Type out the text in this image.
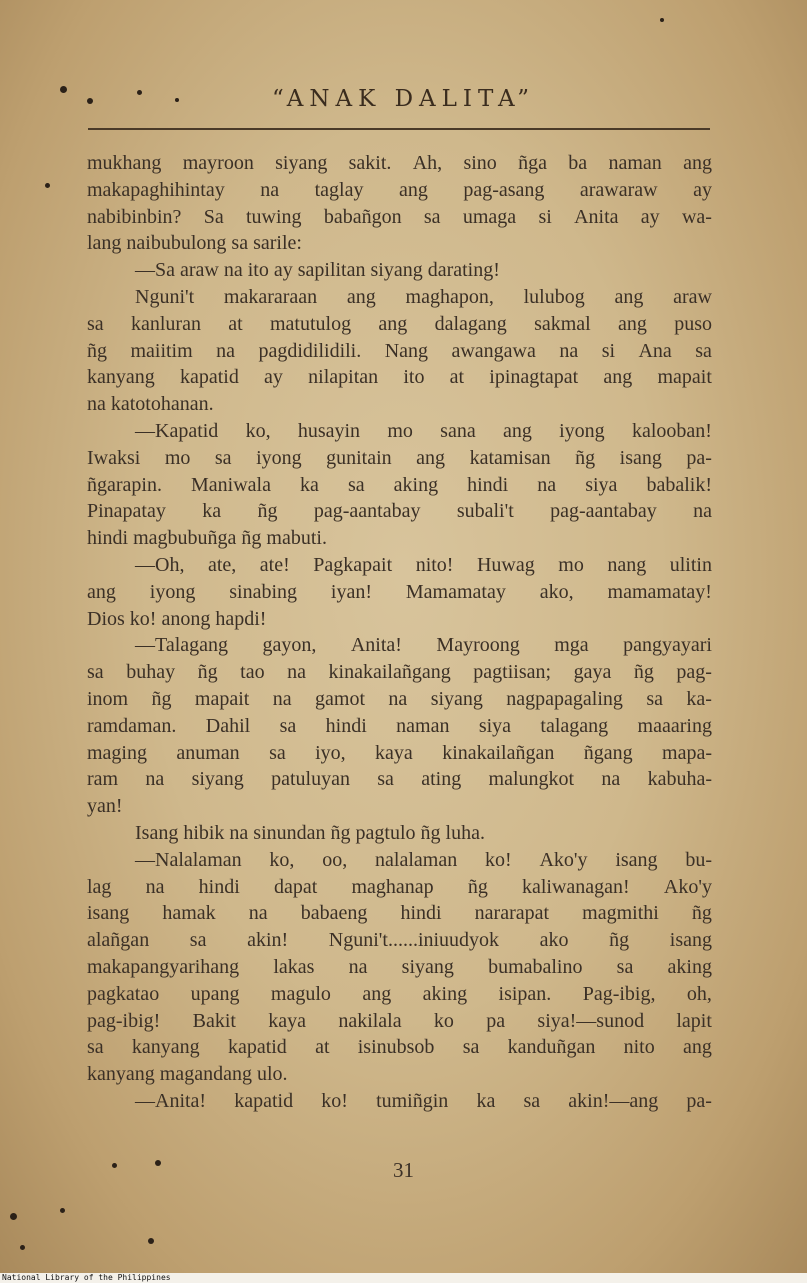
“ANAK DALITA”
mukhang mayroon siyang sakit. Ah, sino ñga ba naman ang
makapaghihintay na taglay ang pag-asang arawaraw ay
nabibinbin? Sa tuwing babañgon sa umaga si Anita ay wa-
lang naibubulong sa sarile:
—Sa araw na ito ay sapilitan siyang darating!
Nguni't makararaan ang maghapon, lulubog ang araw
sa kanluran at matutulog ang dalagang sakmal ang puso
ñg maiitim na pagdidilidili. Nang awangawa na si Ana sa
kanyang kapatid ay nilapitan ito at ipinagtapat ang mapait
na katotohanan.
—Kapatid ko, husayin mo sana ang iyong kalooban!
Iwaksi mo sa iyong gunitain ang katamisan ñg isang pa-
ñgarapin. Maniwala ka sa aking hindi na siya babalik!
Pinapatay ka ñg pag-aantabay subali't pag-aantabay na
hindi magbubuñga ñg mabuti.
—Oh, ate, ate! Pagkapait nito! Huwag mo nang ulitin
ang iyong sinabing iyan! Mamamatay ako, mamamatay!
Dios ko! anong hapdi!
—Talagang gayon, Anita! Mayroong mga pangyayari
sa buhay ñg tao na kinakailañgang pagtiisan; gaya ñg pag-
inom ñg mapait na gamot na siyang nagpapagaling sa ka-
ramdaman. Dahil sa hindi naman siya talagang maaaring
maging anuman sa iyo, kaya kinakailañgan ñgang mapa-
ram na siyang patuluyan sa ating malungkot na kabuha-
yan!
Isang hibik na sinundan ñg pagtulo ñg luha.
—Nalalaman ko, oo, nalalaman ko! Ako'y isang bu-
lag na hindi dapat maghanap ñg kaliwanagan! Ako'y
isang hamak na babaeng hindi nararapat magmithi ñg
alañgan sa akin! Nguni't......iniuudyok ako ñg isang
makapangyarihang lakas na siyang bumabalino sa aking
pagkatao upang magulo ang aking isipan. Pag-ibig, oh,
pag-ibig! Bakit kaya nakilala ko pa siya!—sunod lapit
sa kanyang kapatid at isinubsob sa kanduñgan nito ang
kanyang magandang ulo.
—Anita! kapatid ko! tumiñgin ka sa akin!—ang pa-
31
National Library of the Philippines
